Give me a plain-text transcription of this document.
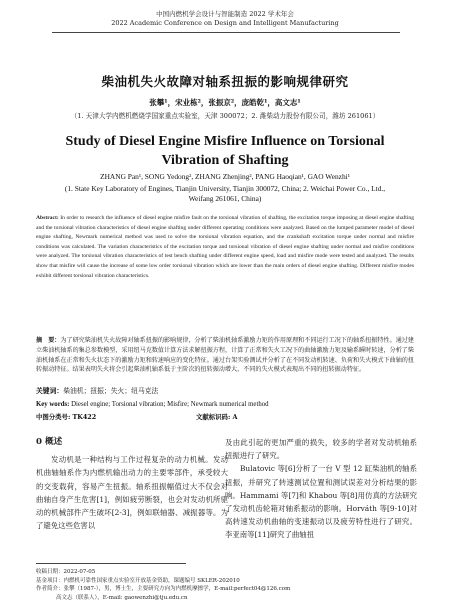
中国内燃机学会设计与智能制造 2022 学术年会
2022 Academic Conference on Design and Intelligent Manufacturing
柴油机失火故障对轴系扭振的影响规律研究
张攀¹，宋业栋²，张振京²，庞皓乾¹，高文志¹
（1. 天津大学内燃机燃烧学国家重点实验室，天津 300072；2. 潍柴动力股份有限公司，潍坊 261061）
Study of Diesel Engine Misfire Influence on Torsional
Vibration of Shafting
ZHANG Pan¹, SONG Yedong², ZHANG Zhenjing², PANG Haoqian¹, GAO Wenzhi¹
(1. State Key Laboratory of Engines, Tianjin University, Tianjin 300072, China; 2. Weichai Power Co., Ltd., Weifang 261061, China)
Abstract: In order to research the influence of diesel engine misfire fault on the torsional vibration of shafting, the excitation torque imposing at diesel engine shafting and the torsional vibration characteristics of diesel engine shafting under different operating conditions were analyzed. Based on the lumped parameter model of diesel engine shafting, Newmark numerical method was used to solve the torsional vibration equation, and the crankshaft excitation torque under normal and misfire conditions was calculated. The variation characteristics of the excitation torque and torsional vibration of diesel engine shafting under normal and misfire conditions were analyzed. The torsional vibration characteristics of test bench shafting under different engine speed, load and misfire mode were tested and analyzed. The results show that misfire will cause the increase of some low order torsional vibration which are lower than the main orders of diesel engine shafting. Different misfire modes exhibit different torsional vibration characteristics.
摘　要：为了研究柴油机失火故障对轴系扭振的影响规律，分析了柴油机轴系激励力矩的作用原理和不同运行工况下的轴系扭振特性。通过建立柴油机轴系的集总参数模型，采用纽马克数值计算方法求解扭振方程，计算了正常和失火工况下的曲轴激励力矩及输系瞬时转速，分析了柴油机轴系在正常和失火状态下的激励力矩和转速响应的变化特征。通过台架实验测试并分析了在不同发动机转速、负荷和失火模式下曲轴的扭转振动特征。结果表明失火将会引起柴油机轴系低于主阶次的扭转振动增大，不同的失火模式表现出不同的扭转振动特征。
关键词：柴油机；扭振；失火；纽马克法
Key words: Diesel engine; Torsional vibration; Misfire; Newmark numerical method
中图分类号: TK422	文献标识码: A
0 概述

发动机是一种结构与工作过程复杂的动力机械。发动机曲轴轴系作为内燃机输出动力的主要零部件，承受较大的交变载荷，容易产生扭振。轴系扭振幅值过大不仅会对曲轴自身产生危害[1]，例如疲劳断裂，也会对发动机所驱动的机械部件产生破坏[2-3]，例如联轴器、减振器等。为了避免这些危害以

及由此引起的更加严重的损失，较多的学者对发动机轴系扭振进行了研究。

Bulatovic 等[6]分析了一台 V 型 12 缸柴油机的轴系扭振，并研究了转速测试位置和测试误差对分析结果的影响。Hammami 等[7]和 Khabou 等[8]用仿真的方法研究了发动机齿轮箱对轴系振动的影响。Horváth 等[9-10]对高转速发动机曲轴的变速振动以及疲劳特性进行了研究。李亚南等[11]研究了曲轴扭

收稿日期：2022-07-05
基金项目：内燃机可靠性国家重点实验室开放基金资助，课题编号 SKLER-202010
作者简介：张攀（1987-），男，博士生，主要研究方向为内燃机摩擦学，E-mail:perfect04@126.com
高文志（联系人），E-mail: gaowenzhi@tju.edu.cn
